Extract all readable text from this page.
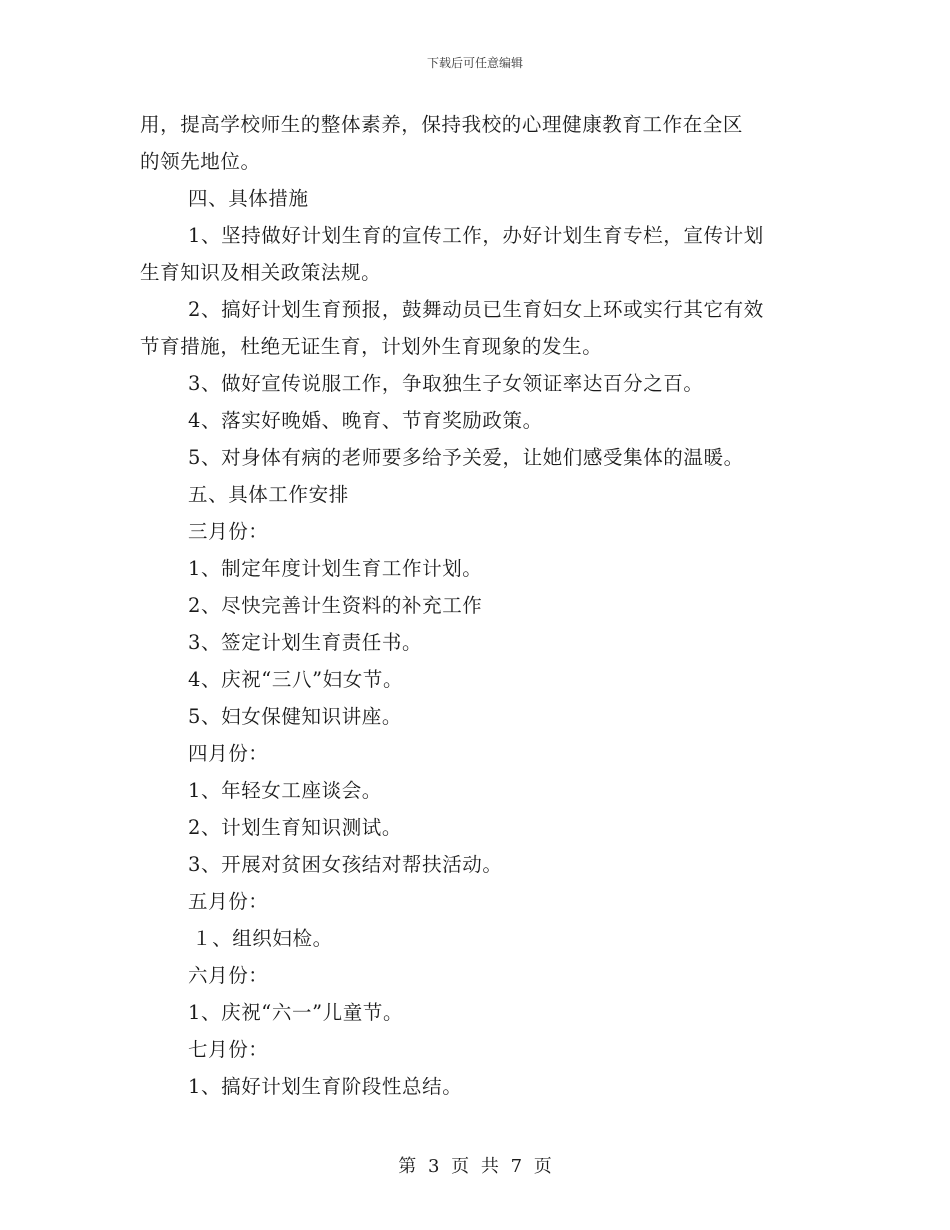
下载后可任意编辑
用，提高学校师生的整体素养，保持我校的心理健康教育工作在全区
的领先地位。
四、具体措施
1、坚持做好计划生育的宣传工作，办好计划生育专栏，宣传计划
生育知识及相关政策法规。
2、搞好计划生育预报，鼓舞动员已生育妇女上环或实行其它有效
节育措施，杜绝无证生育，计划外生育现象的发生。
3、做好宣传说服工作，争取独生子女领证率达百分之百。
4、落实好晚婚、晚育、节育奖励政策。
5、对身体有病的老师要多给予关爱，让她们感受集体的温暖。
五、具体工作安排
三月份：
1、制定年度计划生育工作计划。
2、尽快完善计生资料的补充工作
3、签定计划生育责任书。
4、庆祝“三八”妇女节。
5、妇女保健知识讲座。
四月份：
1、年轻女工座谈会。
2、计划生育知识测试。
3、开展对贫困女孩结对帮扶活动。
五月份：
１、组织妇检。
六月份：
1、庆祝“六一”儿童节。
七月份：
1、搞好计划生育阶段性总结。
第 3 页 共 7 页
